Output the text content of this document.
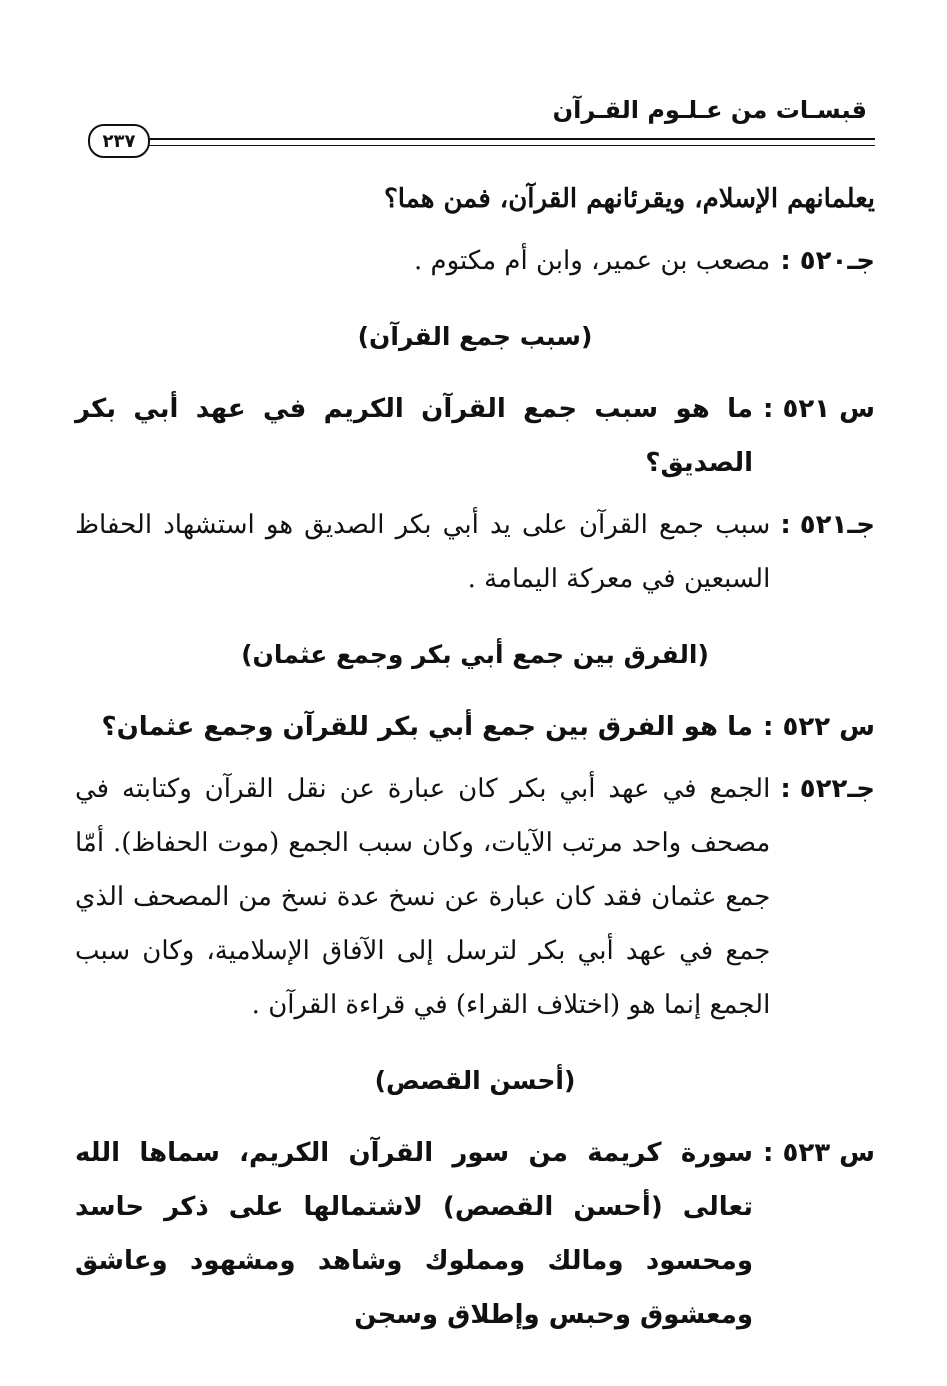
قبسـات من عـلـوم القـرآن
٢٣٧

يعلمانهم الإسلام، ويقرئانهم القرآن، فمن هما؟

جـ٥٢٠ :
مصعب بن عمير، وابن أم مكتوم .
(سبب جمع القرآن)
س ٥٢١ :
ما هو سبب جمع القرآن الكريم في عهد أبي بكر الصديق؟
جـ٥٢١ :
سبب جمع القرآن على يد أبي بكر الصديق هو استشهاد الحفاظ السبعين في معركة اليمامة .
(الفرق بين جمع أبي بكر وجمع عثمان)
س ٥٢٢ :
ما هو الفرق بين جمع أبي بكر للقرآن وجمع عثمان؟
جـ٥٢٢ :
الجمع في عهد أبي بكر كان عبارة عن نقل القرآن وكتابته في مصحف واحد مرتب الآيات، وكان سبب الجمع (موت الحفاظ). أمّا جمع عثمان فقد كان عبارة عن نسخ عدة نسخ من المصحف الذي جمع في عهد أبي بكر لترسل إلى الآفاق الإسلامية، وكان سبب الجمع إنما هو (اختلاف القراء) في قراءة القرآن .
(أحسن القصص)
س ٥٢٣ :
سورة كريمة من سور القرآن الكريم، سماها الله تعالى (أحسن القصص) لاشتمالها على ذكر حاسد ومحسود ومالك ومملوك وشاهد ومشهود وعاشق ومعشوق وحبس وإطلاق وسجن
